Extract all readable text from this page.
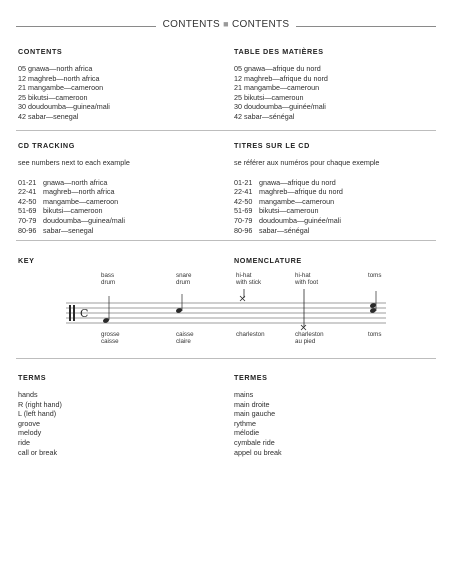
CONTENTS ■ CONTENTS
CONTENTS
05 gnawa—north africa
12 maghreb—north africa
21 mangambe—cameroon
25 bikutsi—cameroon
30 doudoumba—guinea/mali
42 sabar—senegal
TABLE DES MATIÈRES
05 gnawa—afrique du nord
12 maghreb—afrique du nord
21 mangambe—cameroun
25 bikutsi—cameroun
30 doudoumba—guinée/mali
42 sabar—sénégal
CD TRACKING
see numbers next to each example
01-21 gnawa—north africa
22-41 maghreb—north africa
42-50 mangambe—cameroon
51-69 bikutsi—cameroon
70-79 doudoumba—guinea/mali
80-96 sabar—senegal
TITRES SUR LE CD
se référer aux numéros pour chaque exemple
01-21 gnawa—afrique du nord
22-41 maghreb—afrique du nord
42-50 mangambe—cameroun
51-69 bikutsi—cameroun
70-79 doudoumba—guinée/mali
80-96 sabar—sénégal
KEY	NOMENCLATURE
bass
drum
snare
drum
hi-hat
with stick
hi-hat
with foot
toms
C
grosse
caisse
caisse
claire
charleston	charleston
au pied
toms
TERMS
hands
R (right hand)
L (left hand)
groove
melody
ride
call or break
TERMES
mains
main droite
main gauche
rythme
mélodie
cymbale ride
appel ou break
